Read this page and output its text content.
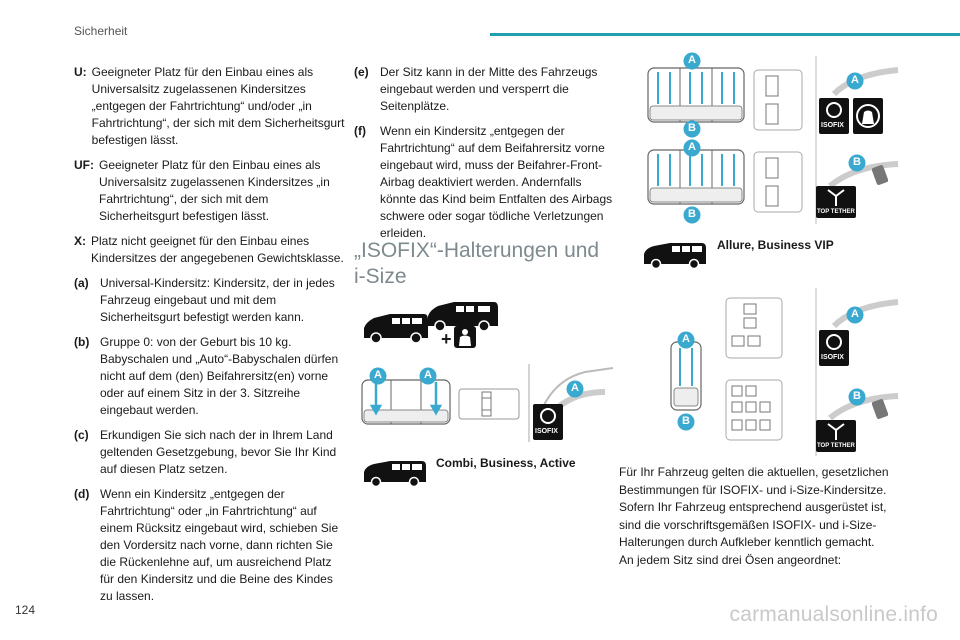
Sicherheit
U: Geeigneter Platz für den Einbau eines als Universalsitz zugelassenen Kindersitzes „entgegen der Fahrtrichtung“ und/oder „in Fahrtrichtung“, der sich mit dem Sicherheitsgurt befestigen lässt.
UF: Geeigneter Platz für den Einbau eines als Universalsitz zugelassenen Kindersitzes „in Fahrtrichtung“, der sich mit dem Sicherheitsgurt befestigen lässt.
X: Platz nicht geeignet für den Einbau eines Kindersitzes der angegebenen Gewichtsklasse.
(a) Universal-Kindersitz: Kindersitz, der in jedes Fahrzeug eingebaut und mit dem Sicherheitsgurt befestigt werden kann.
(b) Gruppe 0: von der Geburt bis 10 kg. Babyschalen und „Auto“-Babyschalen dürfen nicht auf dem (den) Beifahrersitz(en) vorne oder auf einem Sitz in der 3. Sitzreihe eingebaut werden.
(c) Erkundigen Sie sich nach der in Ihrem Land geltenden Gesetzgebung, bevor Sie Ihr Kind auf diesen Platz setzen.
(d) Wenn ein Kindersitz „entgegen der Fahrtrichtung“ oder „in Fahrtrichtung“ auf einem Rücksitz eingebaut wird, schieben Sie den Vordersitz nach vorne, dann richten Sie die Rückenlehne auf, um ausreichend Platz für den Kindersitz und die Beine des Kindes zu lassen.
(e) Der Sitz kann in der Mitte des Fahrzeugs eingebaut werden und versperrt die Seitenplätze.
(f)	Wenn ein Kindersitz „entgegen der Fahrtrichtung“ auf dem Beifahrersitz vorne eingebaut wird, muss der Beifahrer-Front-Airbag deaktiviert werden. Andernfalls könnte das Kind beim Entfalten des Airbags schwere oder sogar tödliche Verletzungen erleiden.
„ISOFIX“-Halterungen und i-Size
+
A	A
A
ISOFIX
Combi, Business, Active
A
B
A
B
A
ISOFIX
B
TOP TETHER
Allure, Business VIP
A
B
A
ISOFIX
B
TOP TETHER

Für Ihr Fahrzeug gelten die aktuellen, gesetzlichen Bestimmungen für ISOFIX- und i-Size-Kindersitze. Sofern Ihr Fahrzeug entsprechend ausgerüstet ist, sind die vorschriftsgemäßen ISOFIX- und i-Size-Halterungen durch Aufkleber kenntlich gemacht.

An jedem Sitz sind drei Ösen angeordnet:

124	carmanualsonline.info
